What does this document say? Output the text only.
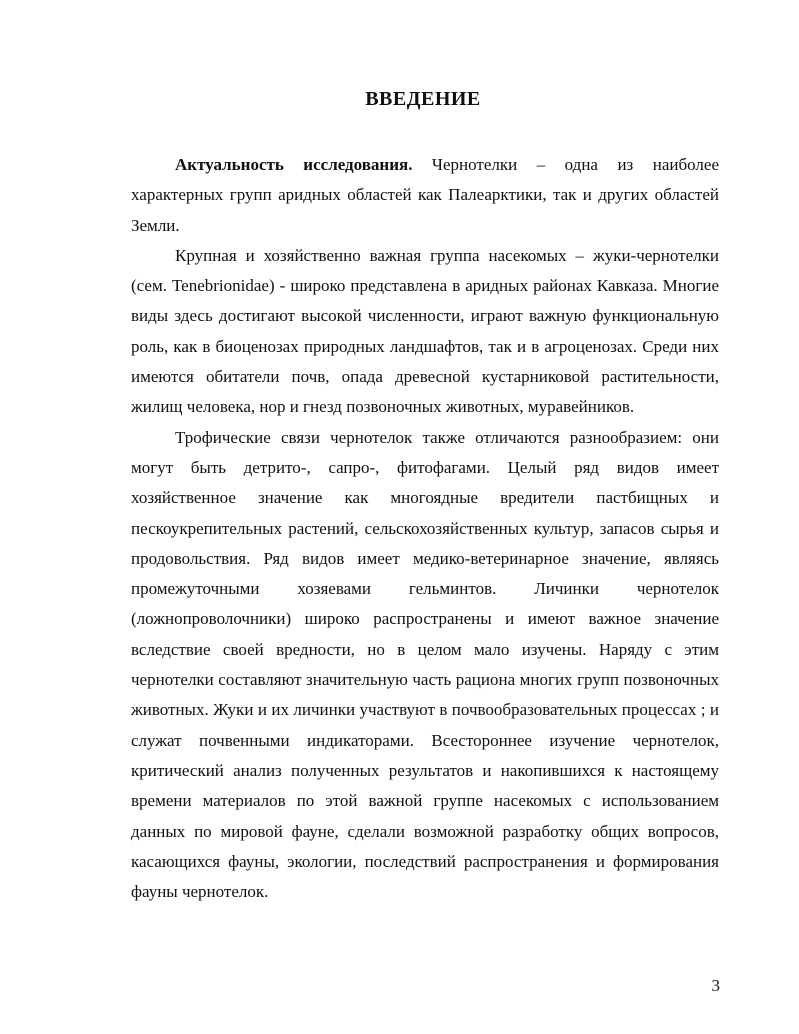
ВВЕДЕНИЕ

Актуальность исследования. Чернотелки – одна из наиболее характерных групп аридных областей как Палеарктики, так и других областей Земли.

Крупная и хозяйственно важная группа насекомых – жуки-чернотелки (сем. Tenebrionidae) - широко представлена в аридных районах Кавказа. Многие виды здесь достигают высокой численности, играют важную функциональную роль, как в биоценозах природных ландшафтов, так и в агроценозах. Среди них имеются обитатели почв, опада древесной кустарниковой растительности, жилищ человека, нор и гнезд позвоночных животных, муравейников.

Трофические связи чернотелок также отличаются разнообразием: они могут быть детрито-, сапро-, фитофагами. Целый ряд видов имеет хозяйственное значение как многоядные вредители пастбищных и пескоукрепительных растений, сельскохозяйственных культур, запасов сырья и продовольствия. Ряд видов имеет медико-ветеринарное значение, являясь промежуточными хозяевами гельминтов. Личинки чернотелок (ложнопроволочники) широко распространены и имеют важное значение вследствие своей вредности, но в целом мало изучены. Наряду с этим чернотелки составляют значительную часть рациона многих групп позвоночных животных. Жуки и их личинки участвуют в почвообразовательных процессах ; и служат почвенными индикаторами. Всестороннее изучение чернотелок, критический анализ полученных результатов и накопившихся к настоящему времени материалов по этой важной группе насекомых с использованием данных по мировой фауне, сделали возможной разработку общих вопросов, касающихся фауны, экологии, последствий распространения и формирования фауны чернотелок.

3
